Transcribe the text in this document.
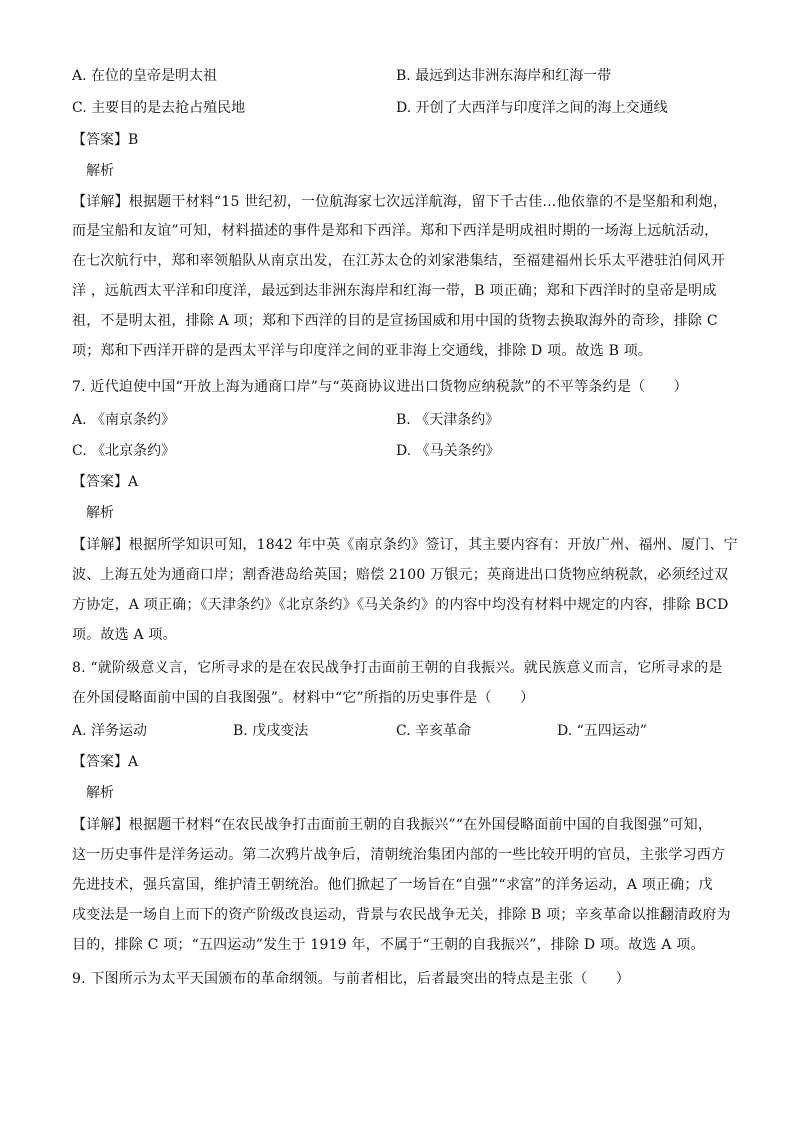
A. 在位的皇帝是明太祖	B. 最远到达非洲东海岸和红海一带
C. 主要目的是去抢占殖民地	D. 开创了大西洋与印度洋之间的海上交通线
【答案】B
解析
【详解】根据题干材料“15 世纪初，一位航海家七次远洋航海，留下千古佳…他依靠的不是坚船和利炮，
而是宝船和友谊”可知，材料描述的事件是郑和下西洋。郑和下西洋是明成祖时期的一场海上远航活动，
在七次航行中，郑和率领船队从南京出发，在江苏太仓的刘家港集结，至福建福州长乐太平港驻泊伺风开
洋 ，远航西太平洋和印度洋，最远到达非洲东海岸和红海一带，B 项正确；郑和下西洋时的皇帝是明成
祖，不是明太祖，排除 A 项；郑和下西洋的目的是宣扬国威和用中国的货物去换取海外的奇珍，排除 C
项；郑和下西洋开辟的是西太平洋与印度洋之间的亚非海上交通线，排除 D 项。故选 B 项。
7. 近代迫使中国“开放上海为通商口岸”与“英商协议进出口货物应纳税款”的不平等条约是（　　）
A. 《南京条约》	B. 《天津条约》
C. 《北京条约》	D. 《马关条约》
【答案】A
解析
【详解】根据所学知识可知，1842 年中英《南京条约》签订，其主要内容有：开放广州、福州、厦门、宁
波、上海五处为通商口岸；割香港岛给英国；赔偿 2100 万银元；英商进出口货物应纳税款，必须经过双
方协定，A 项正确；《天津条约》《北京条约》《马关条约》的内容中均没有材料中规定的内容，排除 BCD
项。故选 A 项。
8. “就阶级意义言，它所寻求的是在农民战争打击面前王朝的自我振兴。就民族意义而言，它所寻求的是
在外国侵略面前中国的自我图强”。材料中“它”所指的历史事件是（　　）
A. 洋务运动	B. 戊戌变法	C. 辛亥革命	D. “五四运动”
【答案】A
解析
【详解】根据题干材料“在农民战争打击面前王朝的自我振兴”“在外国侵略面前中国的自我图强”可知，
这一历史事件是洋务运动。第二次鸦片战争后，清朝统治集团内部的一些比较开明的官员，主张学习西方
先进技术，强兵富国，维护清王朝统治。他们掀起了一场旨在“自强”“求富”的洋务运动，A 项正确；戊
戌变法是一场自上而下的资产阶级改良运动，背景与农民战争无关，排除 B 项；辛亥革命以推翻清政府为
目的，排除 C 项；“五四运动”发生于 1919 年，不属于“王朝的自我振兴”，排除 D 项。故选 A 项。
9. 下图所示为太平天国颁布的革命纲领。与前者相比，后者最突出的特点是主张（　　）
